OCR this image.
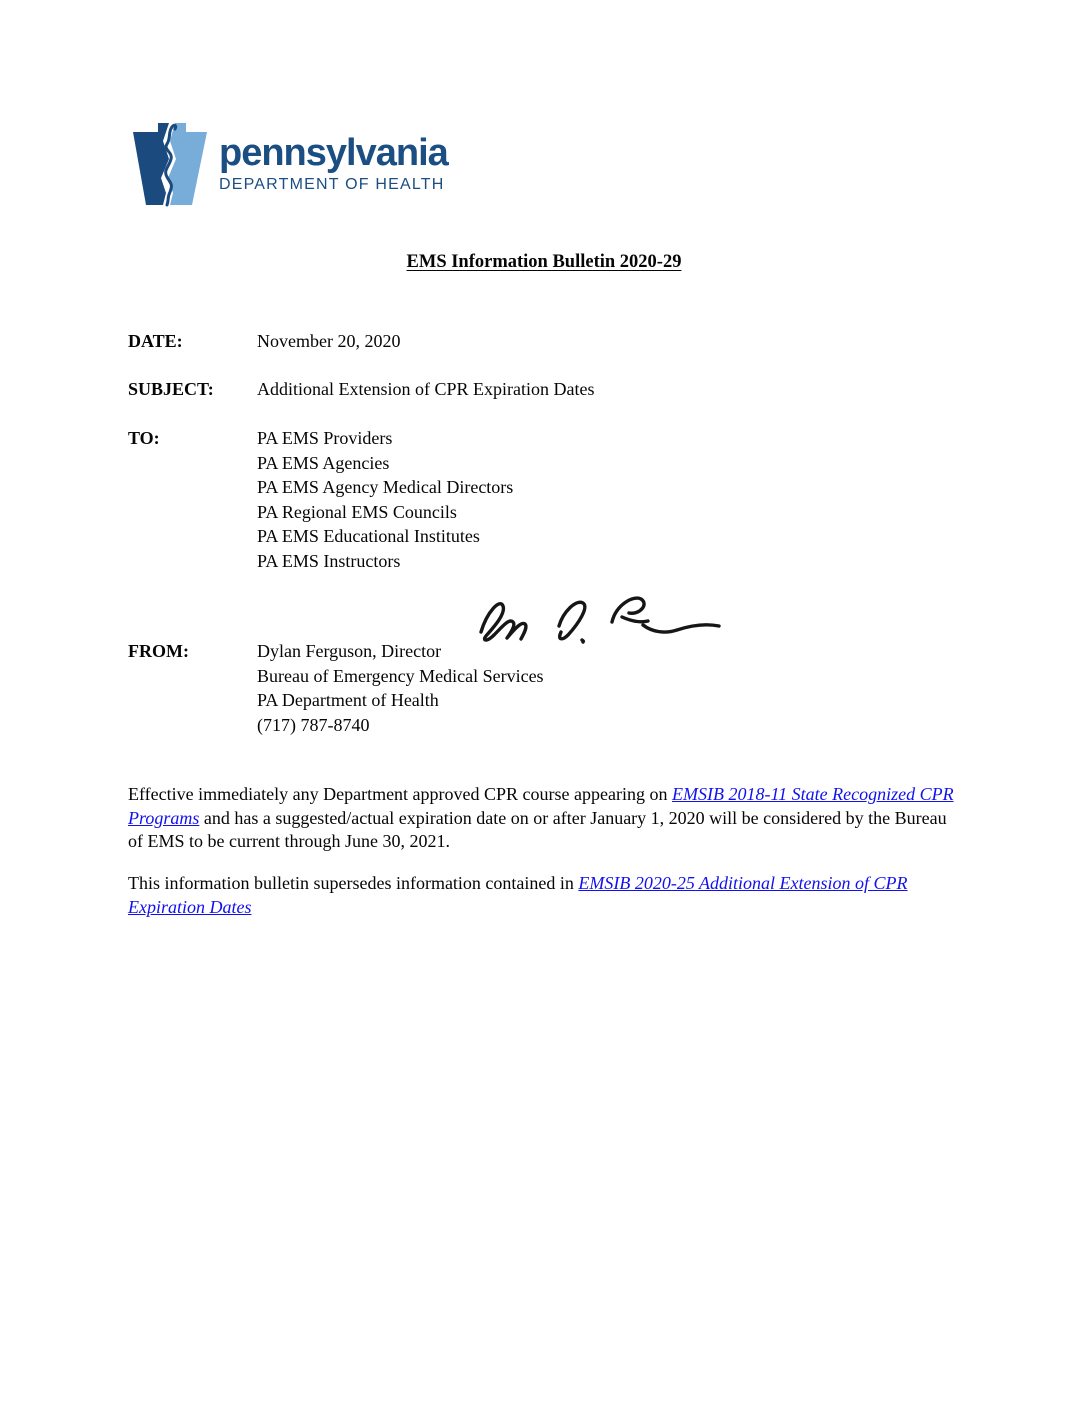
pennsylvania
DEPARTMENT OF HEALTH
EMS Information Bulletin 2020-29
DATE:	November 20, 2020
SUBJECT: Additional Extension of CPR Expiration Dates
TO:	PA EMS Providers
PA EMS Agencies
PA EMS Agency Medical Directors
PA Regional EMS Councils
PA EMS Educational Institutes
PA EMS Instructors
FROM:	Dylan Ferguson, Director
Bureau of Emergency Medical Services
PA Department of Health
(717) 787-8740
Effective immediately any Department approved CPR course appearing on EMSIB 2018-11 State Recognized CPR Programs and has a suggested/actual expiration date on or after January 1, 2020 will be considered by the Bureau of EMS to be current through June 30, 2021.
This information bulletin supersedes information contained in EMSIB 2020-25 Additional Extension of CPR Expiration Dates
